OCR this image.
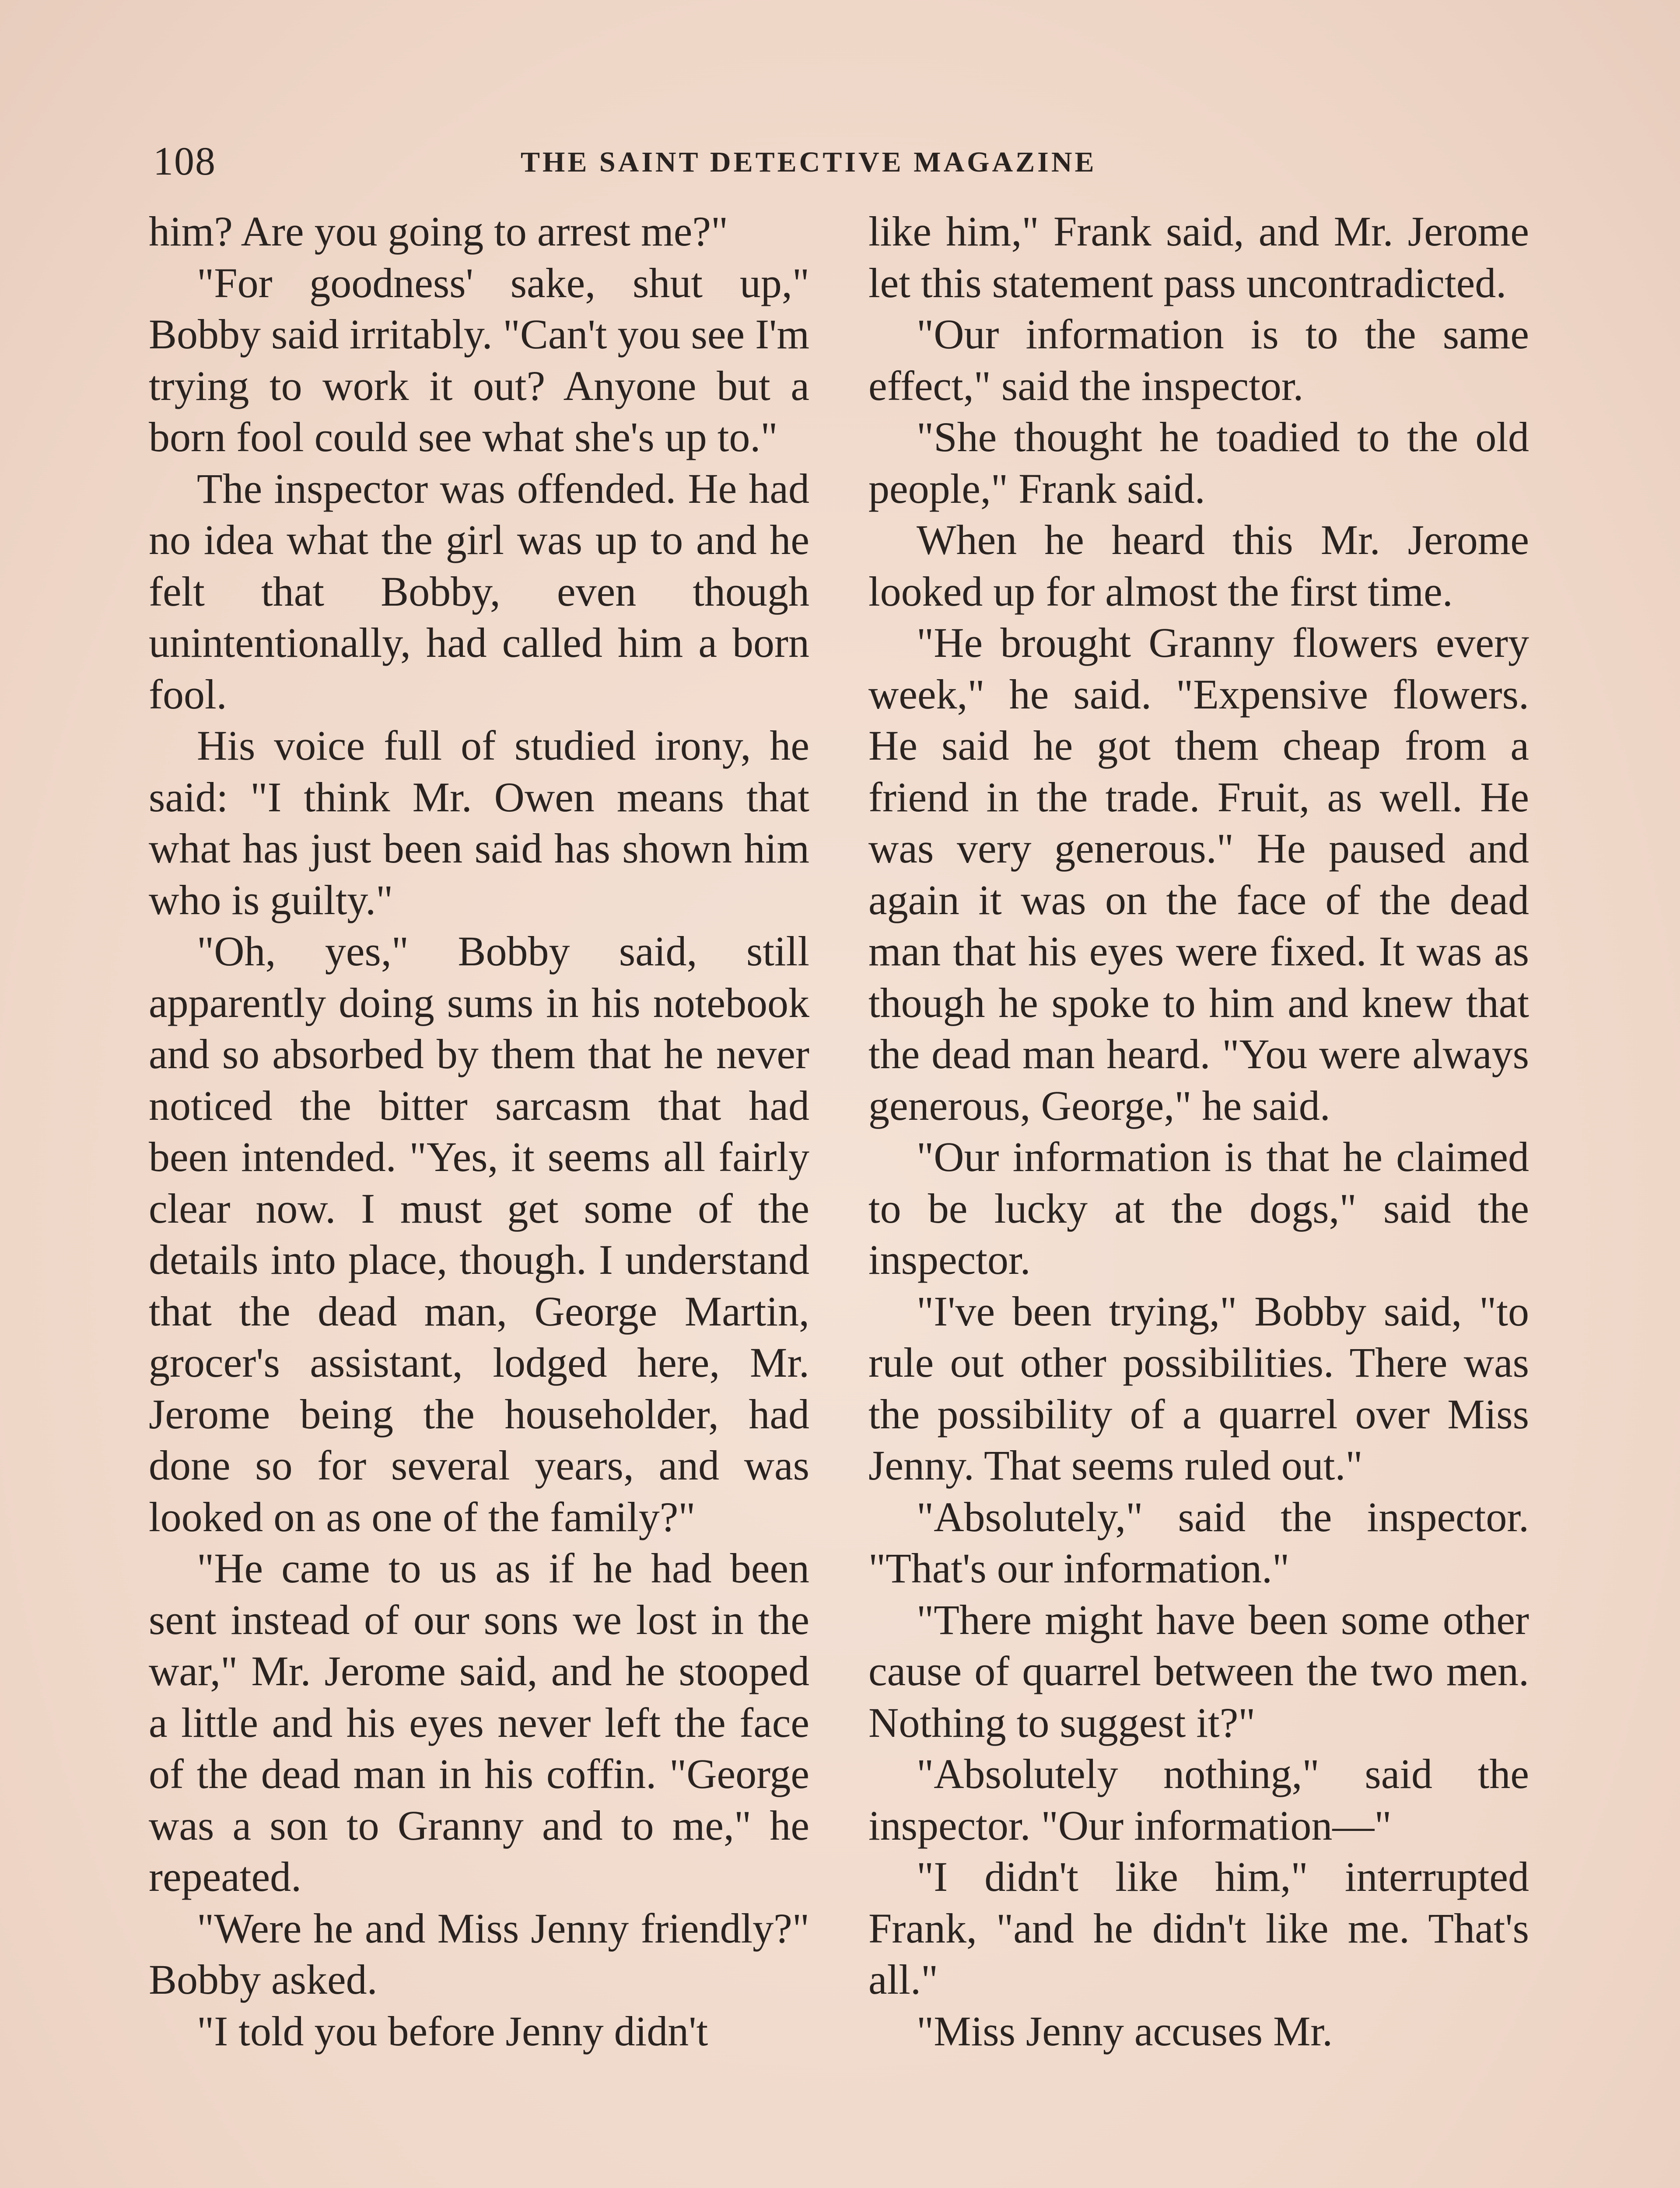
108	THE SAINT DETECTIVE MAGAZINE

him? Are you going to arrest me?"

"For goodness' sake, shut up," Bobby said irritably. "Can't you see I'm trying to work it out? Anyone but a born fool could see what she's up to."

The inspector was offended. He had no idea what the girl was up to and he felt that Bobby, even though unintentionally, had called him a born fool.

His voice full of studied irony, he said: "I think Mr. Owen means that what has just been said has shown him who is guilty."

"Oh, yes," Bobby said, still apparently doing sums in his notebook and so absorbed by them that he never noticed the bitter sarcasm that had been intended. "Yes, it seems all fairly clear now. I must get some of the details into place, though. I understand that the dead man, George Martin, grocer's assistant, lodged here, Mr. Jerome being the householder, had done so for several years, and was looked on as one of the family?"

"He came to us as if he had been sent instead of our sons we lost in the war," Mr. Jerome said, and he stooped a little and his eyes never left the face of the dead man in his coffin. "George was a son to Granny and to me," he repeated.

"Were he and Miss Jenny friendly?" Bobby asked.

"I told you before Jenny didn't

like him," Frank said, and Mr. Jerome let this statement pass uncontradicted.

"Our information is to the same effect," said the inspector.

"She thought he toadied to the old people," Frank said.

When he heard this Mr. Jerome looked up for almost the first time.

"He brought Granny flowers every week," he said. "Expensive flowers. He said he got them cheap from a friend in the trade. Fruit, as well. He was very generous." He paused and again it was on the face of the dead man that his eyes were fixed. It was as though he spoke to him and knew that the dead man heard. "You were always generous, George," he said.

"Our information is that he claimed to be lucky at the dogs," said the inspector.

"I've been trying," Bobby said, "to rule out other possibilities. There was the possibility of a quarrel over Miss Jenny. That seems ruled out."

"Absolutely," said the inspector. "That's our information."

"There might have been some other cause of quarrel between the two men. Nothing to suggest it?"

"Absolutely nothing," said the inspector. "Our information—"

"I didn't like him," interrupted Frank, "and he didn't like me. That's all."

"Miss Jenny accuses Mr.
